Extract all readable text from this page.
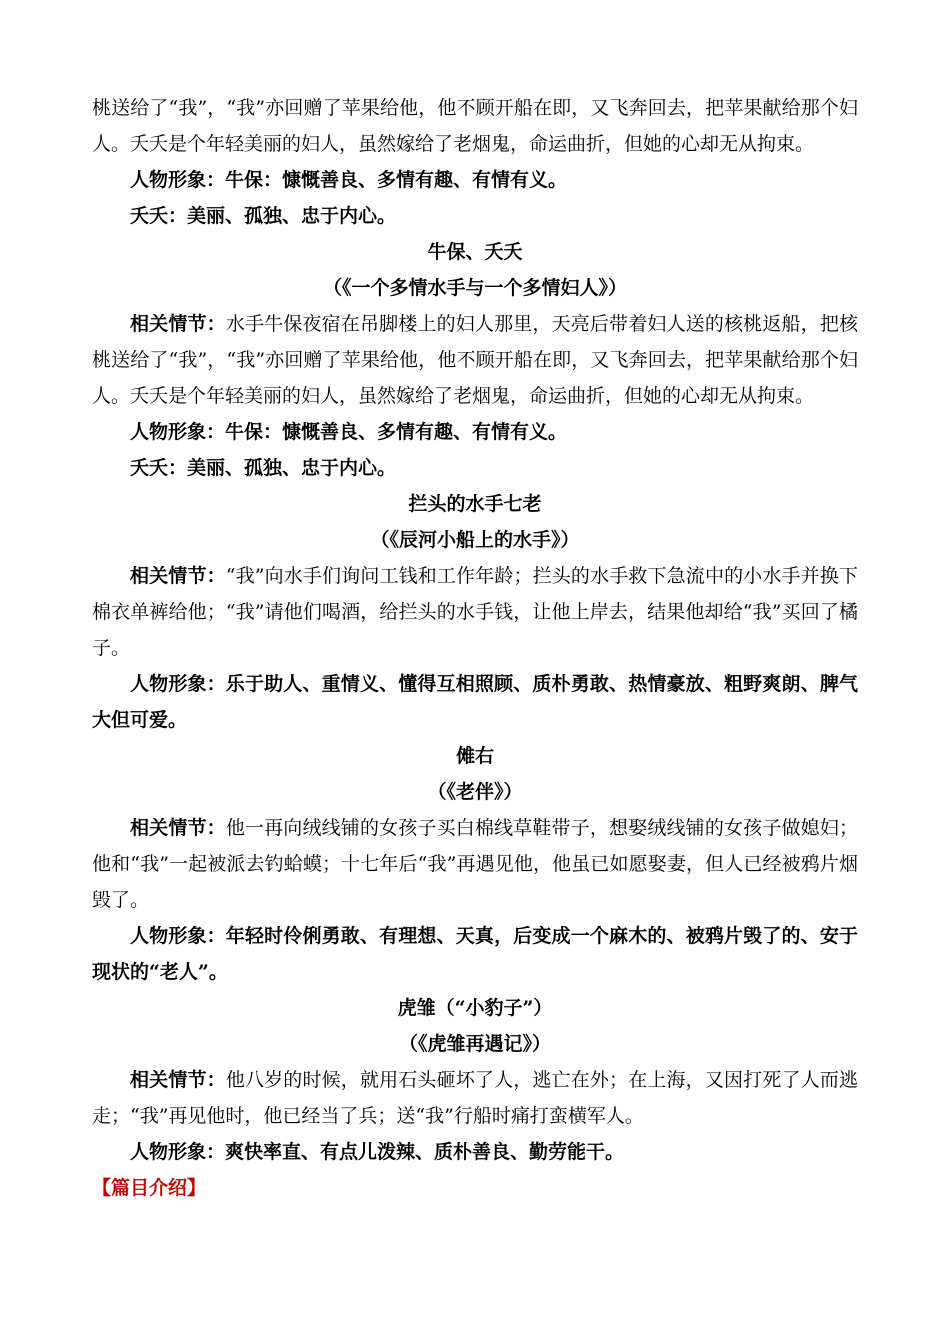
桃送给了“我”，“我”亦回赠了苹果给他，他不顾开船在即，又飞奔回去，把苹果献给那个妇人。夭夭是个年轻美丽的妇人，虽然嫁给了老烟鬼，命运曲折，但她的心却无从拘束。

人物形象：牛保：慷慨善良、多情有趣、有情有义。

夭夭：美丽、孤独、忠于内心。

牛保、夭夭

（《一个多情水手与一个多情妇人》）

相关情节：水手牛保夜宿在吊脚楼上的妇人那里，天亮后带着妇人送的核桃返船，把核桃送给了“我”，“我”亦回赠了苹果给他，他不顾开船在即，又飞奔回去，把苹果献给那个妇人。夭夭是个年轻美丽的妇人，虽然嫁给了老烟鬼，命运曲折，但她的心却无从拘束。

人物形象：牛保：慷慨善良、多情有趣、有情有义。

夭夭：美丽、孤独、忠于内心。

拦头的水手七老

（《辰河小船上的水手》）

相关情节：“我”向水手们询问工钱和工作年龄；拦头的水手救下急流中的小水手并换下棉衣单裤给他；“我”请他们喝酒，给拦头的水手钱，让他上岸去，结果他却给“我”买回了橘子。

人物形象：乐于助人、重情义、懂得互相照顾、质朴勇敢、热情豪放、粗野爽朗、脾气大但可爱。

傩右

（《老伴》）

相关情节：他一再向绒线铺的女孩子买白棉线草鞋带子，想娶绒线铺的女孩子做媳妇；他和“我”一起被派去钓蛤蟆；十七年后“我”再遇见他，他虽已如愿娶妻，但人已经被鸦片烟毁了。

人物形象：年轻时伶俐勇敢、有理想、天真，后变成一个麻木的、被鸦片毁了的、安于现状的“老人”。

虎雏（“小豹子”）

（《虎雏再遇记》）

相关情节：他八岁的时候，就用石头砸坏了人，逃亡在外；在上海，又因打死了人而逃走；“我”再见他时，他已经当了兵；送“我”行船时痛打蛮横军人。

人物形象：爽快率直、有点儿泼辣、质朴善良、勤劳能干。

【篇目介绍】
